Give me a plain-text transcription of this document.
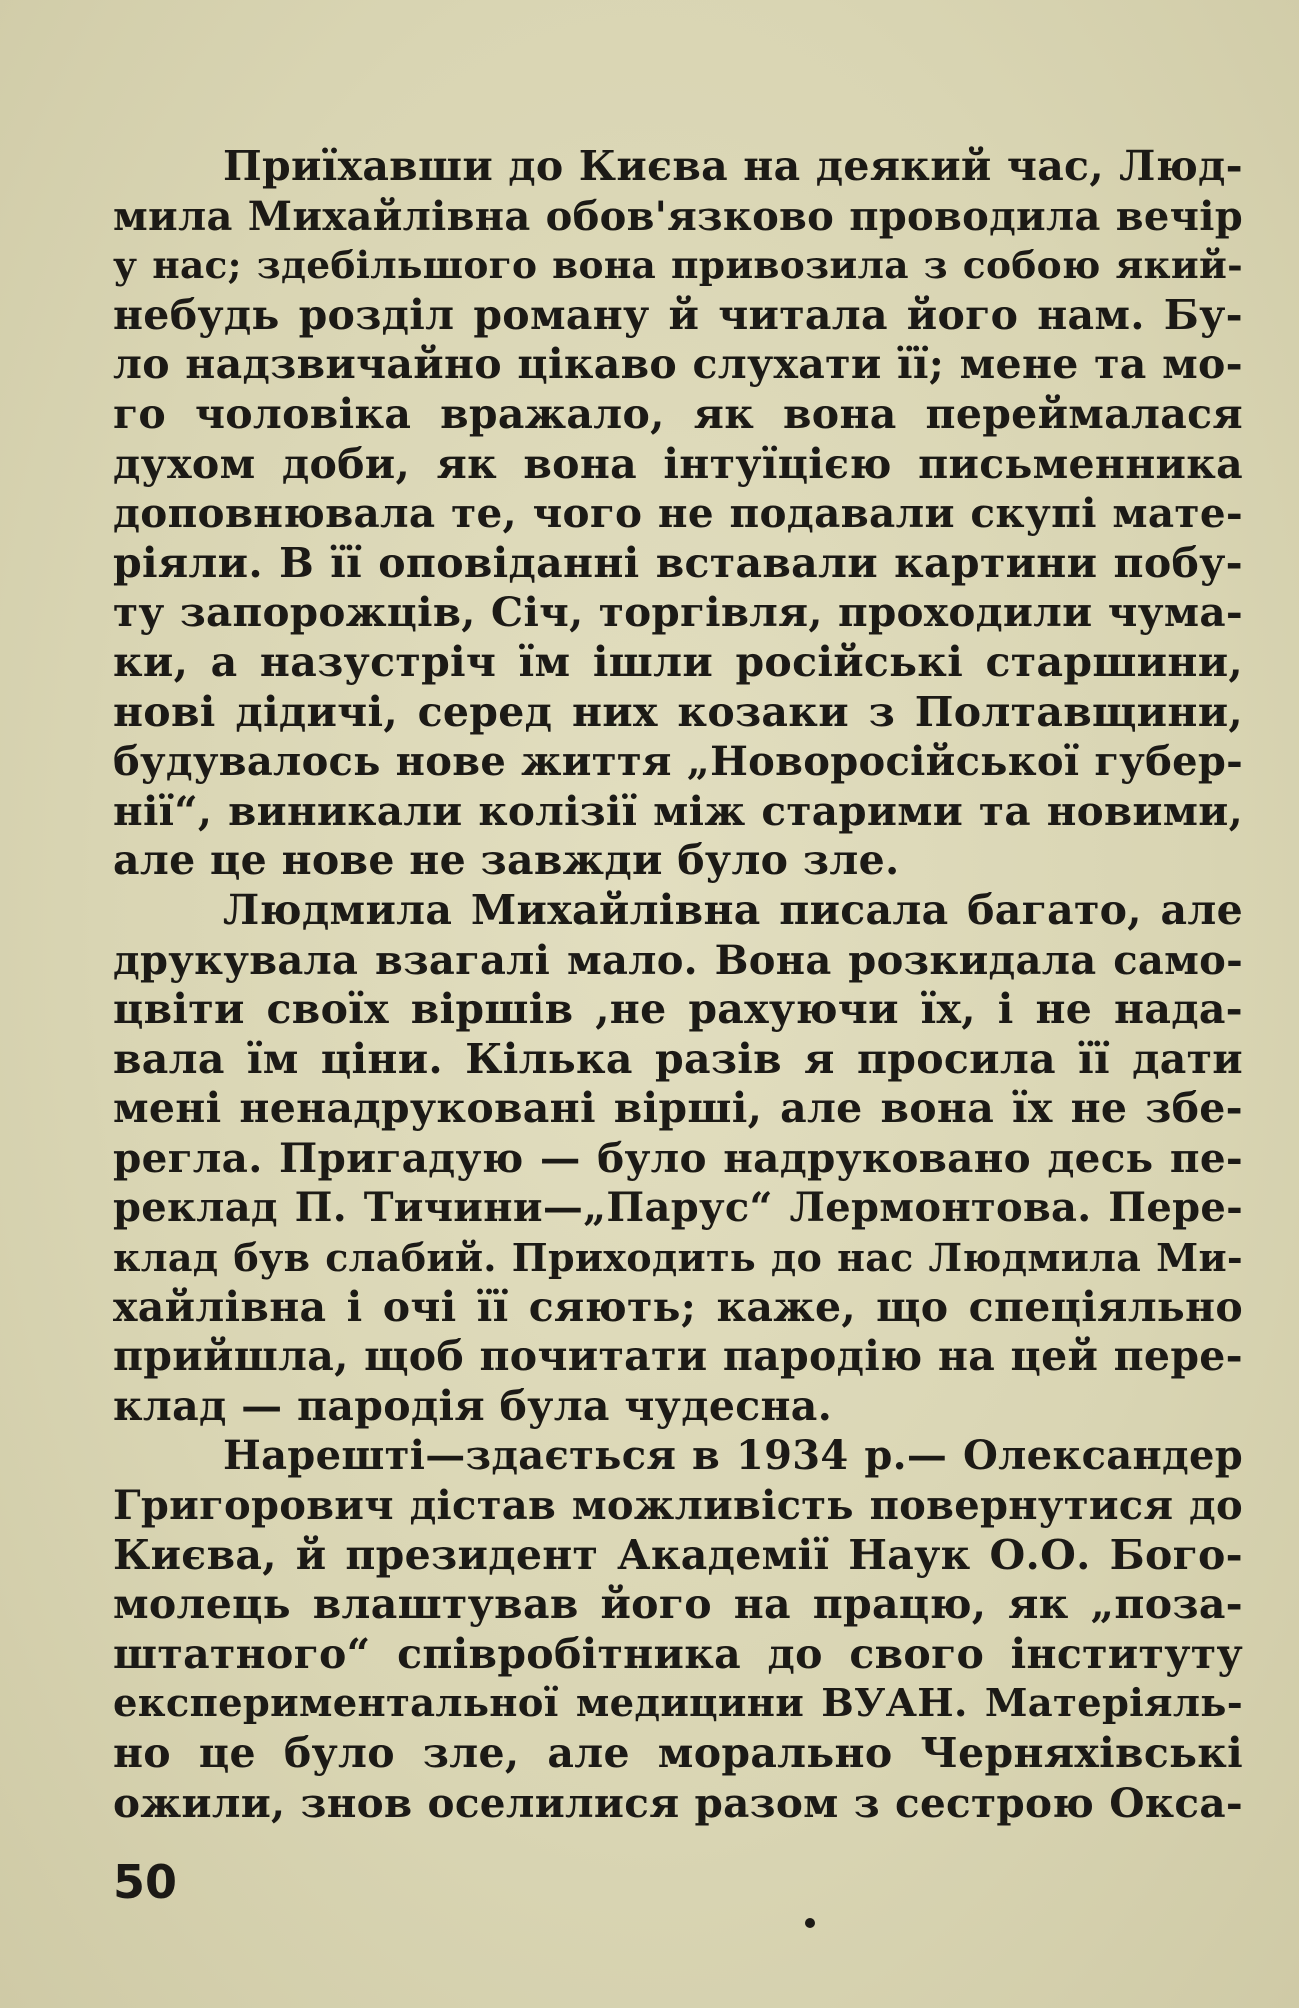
Приїхавши до Києва на деякий час, Люд-
мила Михайлівна обов'язково проводила вечір
у нас; здебільшого вона привозила з собою який-
небудь розділ роману й читала його нам. Бу-
ло надзвичайно цікаво слухати її; мене та мо-
го чоловіка вражало, як вона переймалася
духом доби, як вона інтуїцією письменника
доповнювала те, чого не подавали скупі мате-
ріяли. В її оповіданні вставали картини побу-
ту запорожців, Січ, торгівля, проходили чума-
ки, а назустріч їм ішли російські старшини,
нові дідичі, серед них козаки з Полтавщини,
будувалось нове життя „Новоросійської губер-
нії“, виникали колізії між старими та новими,
але це нове не завжди було зле.
Людмила Михайлівна писала багато, але
друкувала взагалі мало. Вона розкидала само-
цвіти своїх віршів ,не рахуючи їх, і не нада-
вала їм ціни. Кілька разів я просила її дати
мені ненадруковані вірші, але вона їх не збе-
регла. Пригадую — було надруковано десь пе-
реклад П. Тичини—„Парус“ Лермонтова. Пере-
клад був слабий. Приходить до нас Людмила Ми-
хайлівна і очі її сяють; каже, що спеціяльно
прийшла, щоб почитати пародію на цей пере-
клад — пародія була чудесна.
Нарешті—здається в 1934 р.— Олександер
Григорович дістав можливість повернутися до
Києва, й президент Академії Наук О.О. Бого-
молець влаштував його на працю, як „поза-
штатного“ співробітника до свого інституту
експериментальної медицини ВУАН. Матеріяль-
но це було зле, але морально Черняхівські
ожили, знов оселилися разом з сестрою Окса-
50
